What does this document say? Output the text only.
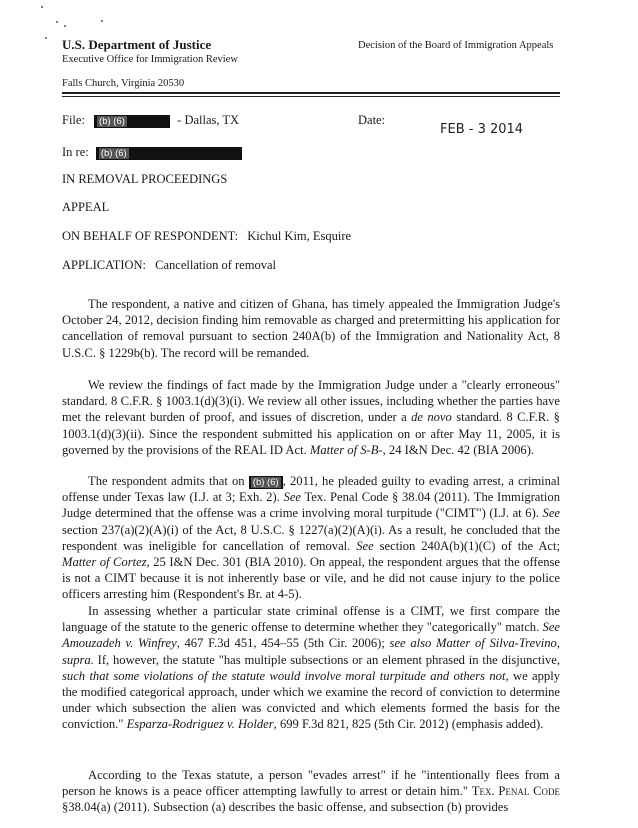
U.S. Department of Justice
Executive Office for Immigration Review
Falls Church, Virginia 20530
Decision of the Board of Immigration Appeals
File: (b) (6)	- Dallas, TX	Date:
FEB - 3 2014
In re: (b) (6)
IN REMOVAL PROCEEDINGS
APPEAL
ON BEHALF OF RESPONDENT: Kichul Kim, Esquire
APPLICATION: Cancellation of removal

The respondent, a native and citizen of Ghana, has timely appealed the Immigration Judge's October 24, 2012, decision finding him removable as charged and pretermitting his application for cancellation of removal pursuant to section 240A(b) of the Immigration and Nationality Act, 8 U.S.C. § 1229b(b). The record will be remanded.

We review the findings of fact made by the Immigration Judge under a "clearly erroneous" standard. 8 C.F.R. § 1003.1(d)(3)(i). We review all other issues, including whether the parties have met the relevant burden of proof, and issues of discretion, under a de novo standard. 8 C.F.R. § 1003.1(d)(3)(ii). Since the respondent submitted his application on or after May 11, 2005, it is governed by the provisions of the REAL ID Act. Matter of S-B-, 24 I&N Dec. 42 (BIA 2006).

The respondent admits that on (b) (6) , 2011, he pleaded guilty to evading arrest, a criminal offense under Texas law (I.J. at 3; Exh. 2). See Tex. Penal Code § 38.04 (2011). The Immigration Judge determined that the offense was a crime involving moral turpitude ("CIMT") (I.J. at 6). See section 237(a)(2)(A)(i) of the Act, 8 U.S.C. § 1227(a)(2)(A)(i). As a result, he concluded that the respondent was ineligible for cancellation of removal. See section 240A(b)(1)(C) of the Act; Matter of Cortez, 25 I&N Dec. 301 (BIA 2010). On appeal, the respondent argues that the offense is not a CIMT because it is not inherently base or vile, and he did not cause injury to the police officers arresting him (Respondent's Br. at 4-5).

In assessing whether a particular state criminal offense is a CIMT, we first compare the language of the statute to the generic offense to determine whether they "categorically" match. See Amouzadeh v. Winfrey, 467 F.3d 451, 454–55 (5th Cir. 2006); see also Matter of Silva-Trevino, supra. If, however, the statute "has multiple subsections or an element phrased in the disjunctive, such that some violations of the statute would involve moral turpitude and others not, we apply the modified categorical approach, under which we examine the record of conviction to determine under which subsection the alien was convicted and which elements formed the basis for the conviction." Esparza-Rodriguez v. Holder, 699 F.3d 821, 825 (5th Cir. 2012) (emphasis added).

According to the Texas statute, a person "evades arrest" if he "intentionally flees from a person he knows is a peace officer attempting lawfully to arrest or detain him." Tex. Penal Code §38.04(a) (2011). Subsection (a) describes the basic offense, and subsection (b) provides
